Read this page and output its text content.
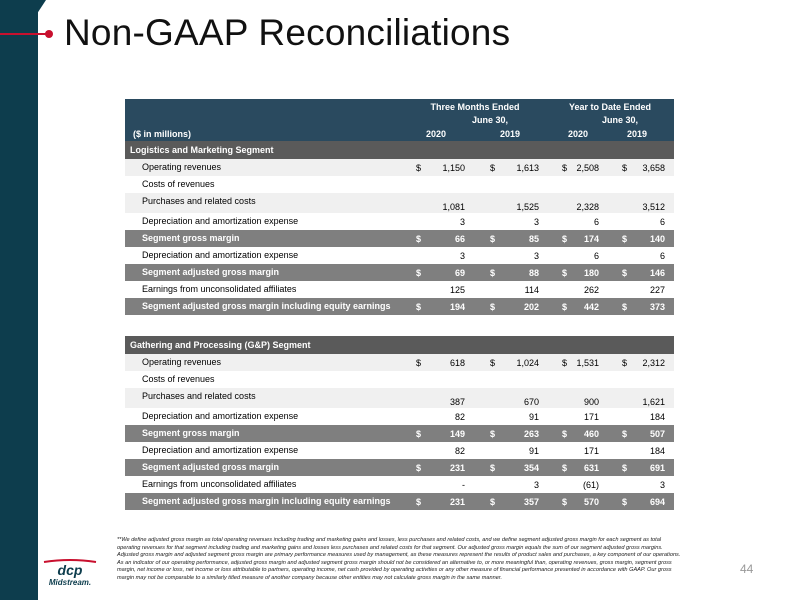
Non-GAAP Reconciliations
Three Months Ended	Year to Date Ended
June 30,	June 30,
($ in millions)	2020	2019	2020	2019
Logistics and Marketing Segment
Operating revenues	$	1,150	$	1,613	$	2,508	$	3,658
Costs of revenues
Purchases and related costs
1,081	1,525	2,328	3,512
Depreciation and amortization expense	3	3	6	6
Segment gross margin	$	66	$	85	$	174	$	140
Depreciation and amortization expense	3	3	6	6
Segment adjusted gross margin	$	69	$	88	$	180	$	146
Earnings from unconsolidated affiliates	125	114	262	227
Segment adjusted gross margin including equity earnings	$	194	$	202	$	442	$	373
Gathering and Processing (G&P) Segment
Operating revenues	$	618	$	1,024	$	1,531	$	2,312
Costs of revenues
Purchases and related costs
387	670	900	1,621
Depreciation and amortization expense	82	91	171	184
Segment gross margin	$	149	$	263	$	460	$	507
Depreciation and amortization expense	82	91	171	184
Segment adjusted gross margin	$	231	$	354	$	631	$	691
Earnings from unconsolidated affiliates	-	3	(61)	3
Segment adjusted gross margin including equity earnings	$	231	$	357	$	570	$	694
**We define adjusted gross margin as total operating revenues including trading and marketing gains and losses, less purchases and related costs, and we define segment adjusted gross margin for each segment as total operating revenues for that segment including trading and marketing gains and losses less purchases and related costs for that segment. Our adjusted gross margin equals the sum of our segment adjusted gross margins. Adjusted gross margin and adjusted segment gross margin are primary performance measures used by management, as these measures represent the results of product sales and purchases, a key component of our operations. As an indicator of our operating performance, adjusted gross margin and adjusted segment gross margin should not be considered an alternative to, or more meaningful than, operating revenues, gross margin, segment gross margin, net income or loss, net income or loss attributable to partners, operating income, net cash provided by operating activities or any other measure of financial performance presented in accordance with GAAP. Our gross margin may not be comparable to a similarly titled measure of another company because other entities may not calculate gross margin in the same manner.
dcp
Midstream.
44
